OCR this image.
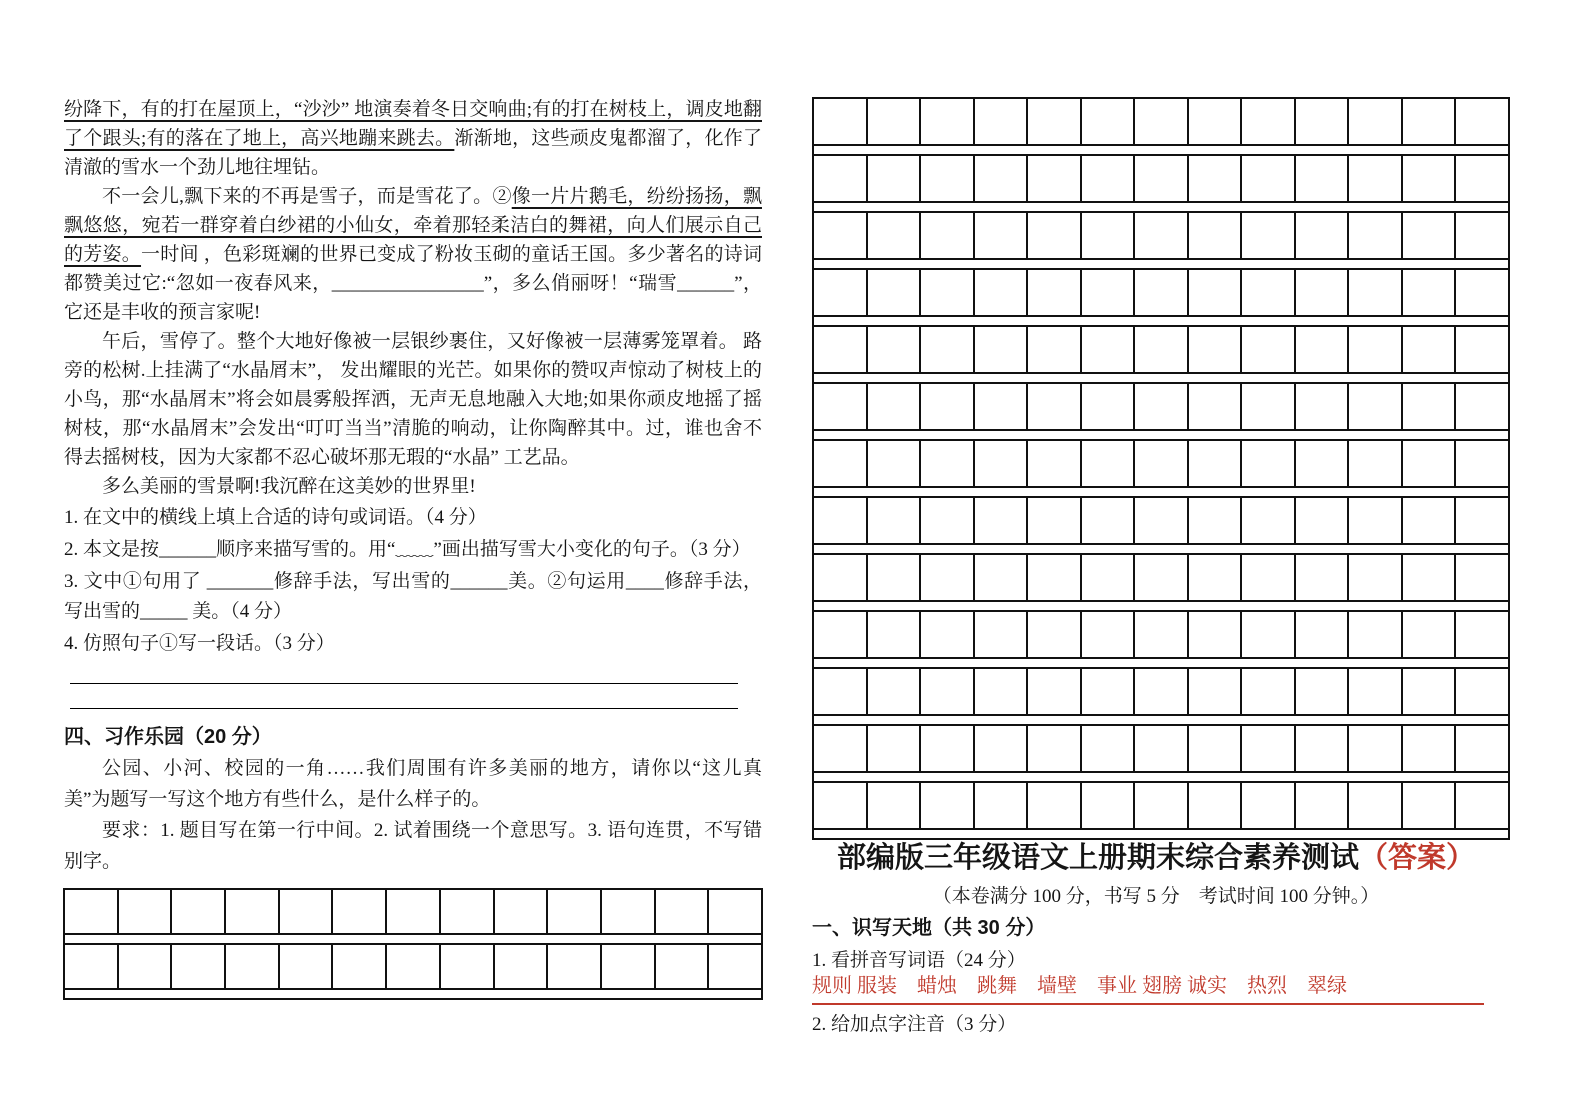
纷降下，有的打在屋顶上，“沙沙” 地演奏着冬日交响曲;有的打在树枝上，调皮地翻了个跟头;有的落在了地上，高兴地蹦来跳去。渐渐地，这些顽皮鬼都溜了，化作了清澈的雪水一个劲儿地往埋钻。

不一会儿,飘下来的不再是雪子，而是雪花了。②像一片片鹅毛，纷纷扬扬，飘飘悠悠，宛若一群穿着白纱裙的小仙女，牵着那轻柔洁白的舞裙，向人们展示自己的芳姿。一时间 ，色彩斑斓的世界已变成了粉妆玉砌的童话王国。多少著名的诗词都赞美过它:“忽如一夜春风来，________________”，多么俏丽呀！“瑞雪______”，它还是丰收的预言家呢!

午后，雪停了。整个大地好像被一层银纱裹住，又好像被一层薄雾笼罩着。 路旁的松树.上挂满了“水晶屑末”， 发出耀眼的光芒。如果你的赞叹声惊动了树枝上的小鸟，那“水晶屑末”将会如晨雾般挥洒，无声无息地融入大地;如果你顽皮地摇了摇树枝，那“水晶屑末”会发出“叮叮当当”清脆的响动，让你陶醉其中。过，谁也舍不得去摇树枝，因为大家都不忍心破坏那无瑕的“水晶” 工艺品。

多么美丽的雪景啊!我沉醉在这美妙的世界里!

1. 在文中的横线上填上合适的诗句或词语。（4 分）
2. 本文是按______顺序来描写雪的。用“﹏﹏”画出描写雪大小变化的句子。（3 分）
3. 文中①句用了 _______修辞手法，写出雪的______美。②句运用____修辞手法，写出雪的_____ 美。（4 分）
4. 仿照句子①写一段话。（3 分）
四、习作乐园（20 分）

公园、小河、校园的一角……我们周围有许多美丽的地方，请你以“这儿真美”为题写一写这个地方有些什么，是什么样子的。

要求：1. 题目写在第一行中间。2. 试着围绕一个意思写。3. 语句连贯，不写错别字。	部编版三年级语文上册期末综合素养测试（答案）
（本卷满分 100 分，书写 5 分　考试时间 100 分钟。）
一、识写天地（共 30 分）
1. 看拼音写词语（24 分）
规则 服装　蜡烛　跳舞　墙壁　事业 翅膀 诚实　热烈　翠绿
2. 给加点字注音（3 分）
